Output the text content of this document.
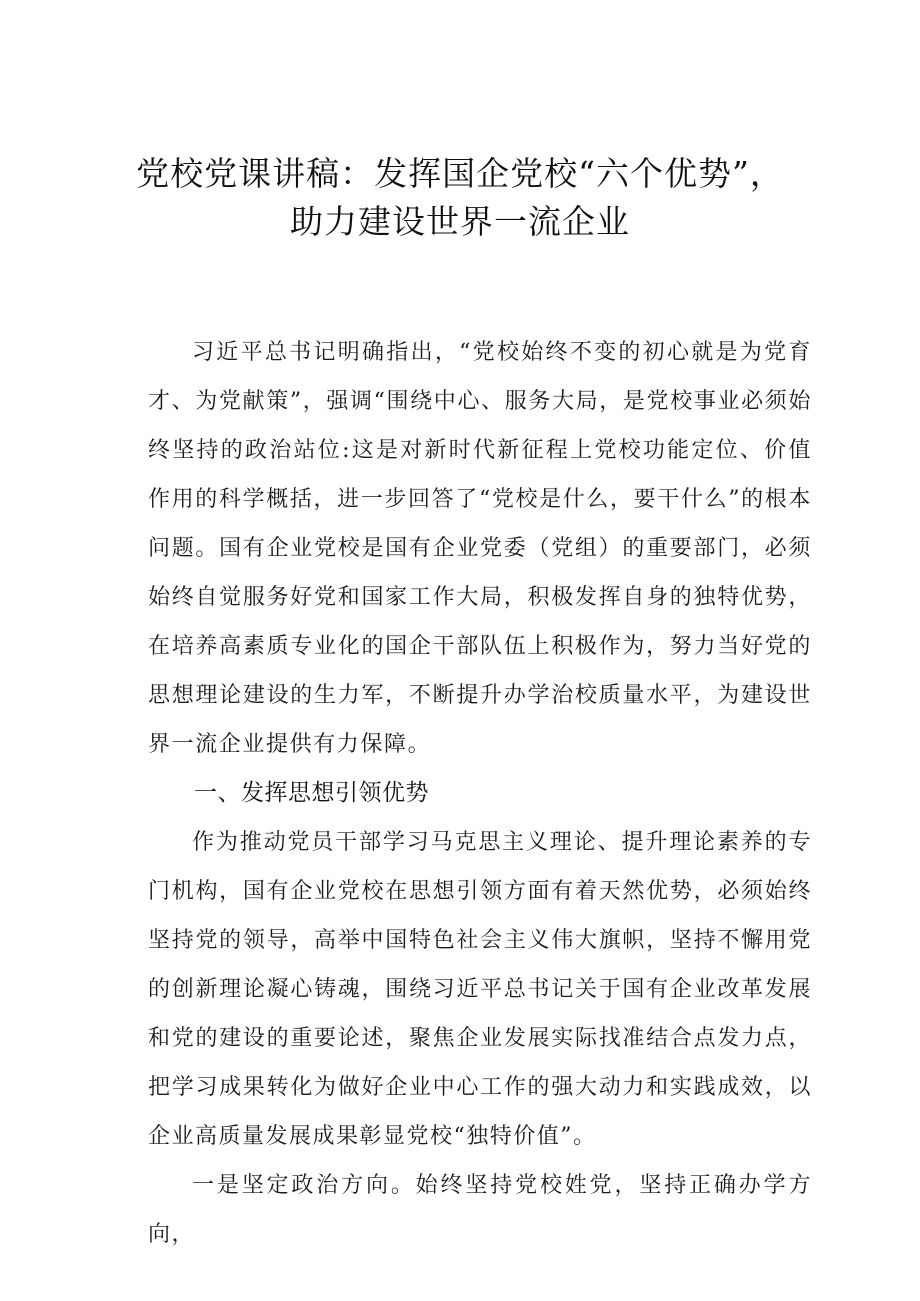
党校党课讲稿：发挥国企党校“六个优势”，
助力建设世界一流企业

习近平总书记明确指出，“党校始终不变的初心就是为党育才、为党献策”，强调“围绕中心、服务大局，是党校事业必须始终坚持的政治站位:这是对新时代新征程上党校功能定位、价值作用的科学概括，进一步回答了“党校是什么，要干什么”的根本问题。国有企业党校是国有企业党委（党组）的重要部门，必须始终自觉服务好党和国家工作大局，积极发挥自身的独特优势，在培养高素质专业化的国企干部队伍上积极作为，努力当好党的思想理论建设的生力军，不断提升办学治校质量水平，为建设世界一流企业提供有力保障。

一、发挥思想引领优势

作为推动党员干部学习马克思主义理论、提升理论素养的专门机构，国有企业党校在思想引领方面有着天然优势，必须始终坚持党的领导，高举中国特色社会主义伟大旗帜，坚持不懈用党的创新理论凝心铸魂，围绕习近平总书记关于国有企业改革发展和党的建设的重要论述，聚焦企业发展实际找准结合点发力点，把学习成果转化为做好企业中心工作的强大动力和实践成效，以企业高质量发展成果彰显党校“独特价值”。

一是坚定政治方向。始终坚持党校姓党，坚持正确办学方向，
